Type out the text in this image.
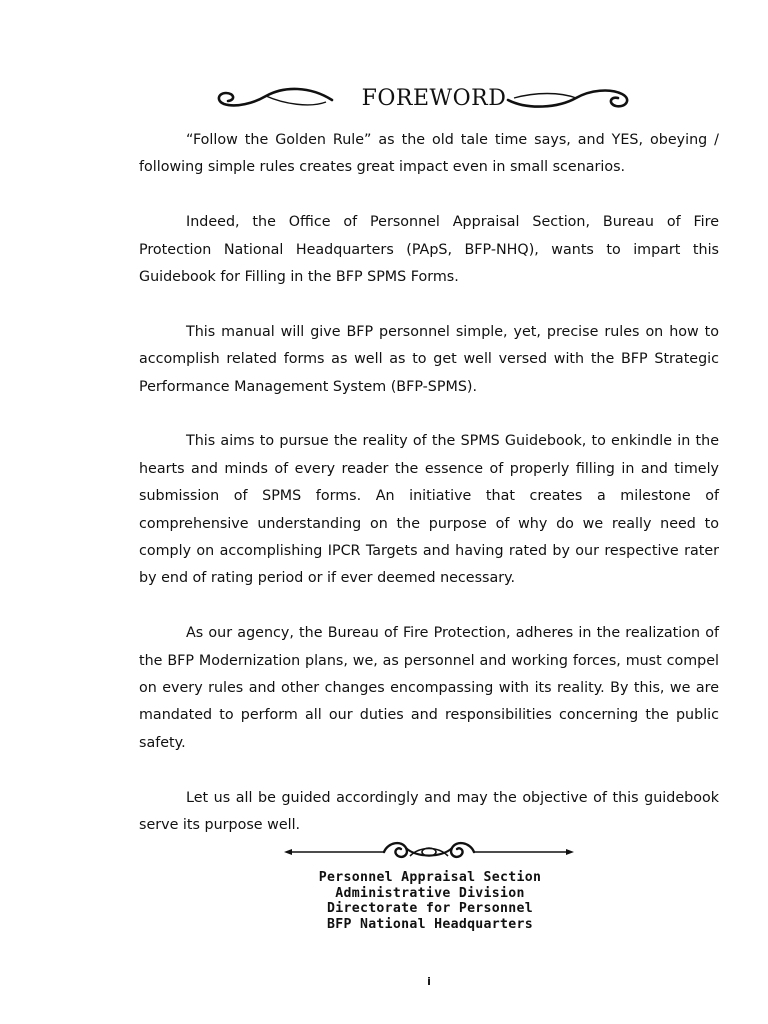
FOREWORD

“Follow the Golden Rule” as the old tale time says, and YES, obeying / following simple rules creates great impact even in small scenarios.

Indeed, the Office of Personnel Appraisal Section, Bureau of Fire Protection National Headquarters (PApS, BFP-NHQ), wants to impart this Guidebook for Filling in the BFP SPMS Forms.

This manual will give BFP personnel simple, yet, precise rules on how to accomplish related forms as well as to get well versed with the BFP Strategic Performance Management System (BFP-SPMS).

This aims to pursue the reality of the SPMS Guidebook, to enkindle in the hearts and minds of every reader the essence of properly filling in and timely submission of SPMS forms. An initiative that creates a milestone of comprehensive understanding on the purpose of why do we really need to comply on accomplishing IPCR Targets and having rated by our respective rater by end of rating period or if ever deemed necessary.

As our agency, the Bureau of Fire Protection, adheres in the realization of the BFP Modernization plans, we, as personnel and working forces, must compel on every rules and other changes encompassing with its reality. By this, we are mandated to perform all our duties and responsibilities concerning the public safety.

Let us all be guided accordingly and may the objective of this guidebook serve its purpose well.

Personnel Appraisal Section
Administrative Division
Directorate for Personnel
BFP National Headquarters
i
